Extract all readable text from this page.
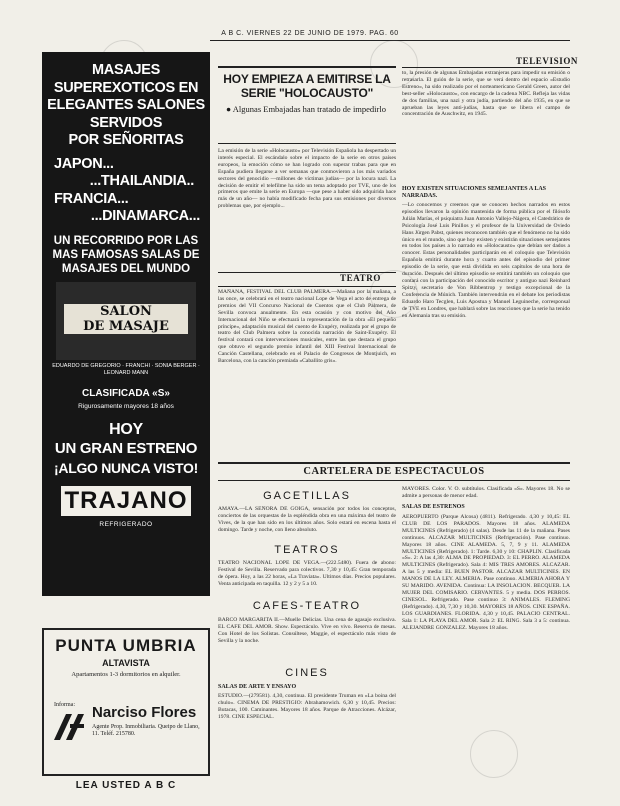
A B C. VIERNES 22 DE JUNIO DE 1979. PAG. 60
MASAJES
SUPEREXOTICOS EN
ELEGANTES SALONES
SERVIDOS
POR SEÑORITAS
JAPON...
...THAILANDIA..
FRANCIA...
...DINAMARCA...
UN RECORRIDO POR LAS
MAS FAMOSAS SALAS DE
MASAJES DEL MUNDO
SALON
DE MASAJE
EDUARDO DE GREGORIO · FRANCHI · SONIA BERGER · LEONARD MANN
CLASIFICADA «S»
Rigurosamente mayores 18 años
HOY
UN GRAN ESTRENO
¡ALGO NUNCA VISTO!
TRAJANO
REFRIGERADO
PUNTA UMBRIA
ALTAVISTA
Apartamentos 1-3 dormitorios en alquiler.
Informa: Narciso Flores
Agente Prop. Inmobiliaria. Queipo de Llano, 11. Teléf. 215780.
LEA USTED A B C
HOY EMPIEZA A EMITIRSE LA SERIE "HOLOCAUSTO"
● Algunas Embajadas han tratado de impedirlo
La emisión de la serie «Holocausto» por Televisión Española ha despertado un interés especial. El escándalo sobre el impacto de la serie en otros países europeos, la emoción cómo se han logrado con superar trabas para que en España pudiera llegarse a ver semanas que conmovieron a los más variados sectores del genocidio —millones de víctimas judías— por la locura nazi. La decisión de emitir el telefilme ha sido un tema adoptado por TVE, uno de los primeros que emite la serie en Europa —que pese a haber sido adquirida hace más de un año— no había modificado fecha para sus emisiones por diversos problemas que, por ejemplo...
TEATRO
MAÑANA, FESTIVAL DEL CLUB PALMERA.—Mañana por la mañana, a las once, se celebrará en el teatro nacional Lope de Vega el acto de entrega de premios del VII Concurso Nacional de Cuentos que el Club Palmera, de Sevilla convoca anualmente. En esta ocasión y con motivo del Año Internacional del Niño se efectuará la representación de la obra «El pequeño príncipe», adaptación musical del cuento de Exupéry, realizada por el grupo de teatro del Club Palmera sobre la conocida narración de Saint-Exupéry. El festival contará con intervenciones musicales, entre las que destaca el grupo que obtuvo el segundo premio infantil del XIII Festival Internacional de Canción Castellana, celebrado en el Palacio de Congresos de Montjuich, en Barcelona, con la canción premiada «Caballito gris».
TELEVISION
to, la presión de algunas Embajadas extranjeras para impedir su emisión o retrasarla. El guión de la serie, que se verá dentro del espacio «Estudio Estreno», ha sido realizado por el norteamericano Gerald Green, autor del best-seller «Holocausto», con encargo de la cadena NBC. Refleja las vidas de dos familias, una nazi y otra judía, partiendo del año 1935, en que se aprueban las leyes anti-judías, hasta que se libera el campo de concentración de Auschwitz, en 1945.
HOY EXISTEN SITUACIONES SEMEJANTES A LAS NARRADAS.
—Lo conocemos y creemos que se conocen hechos narrados en estos episodios llevaron la opinión mantenida de forma pública por el filósofo Julián Marías, el psiquiatra Juan Antonio Vallejo-Nágera, el Catedrático de Psicología José Luis Pinillos y el profesor de la Universidad de Oviedo Hans Jürgen Pabst, quienes reconocen también que el fenómeno no ha sido único en el mundo, sino que hoy existen y existirán situaciones semejantes en todos los países a lo narrado en «Holocausto» que debían ser dados a conocer. Estas personalidades participarán en el coloquio que Televisión Española emitirá durante hora y cuarto antes del episodio del primer episodio de la serie, que está dividida en seis capítulos de una hora de duración. Después del último episodio se emitirá también un coloquio que contará con la participación del conocido escritor y antiguo nazi Reinhard Spitzy, secretario de Von Ribbentrop y testigo excepcional de la Conferencia de Múnich. También intervendrán en el debate los periodistas Eduardo Haro Tecglen, Luis Apostua y Manuel Leguineche, corresponsal de TVE en Londres, que hablará sobre las reacciones que la serie ha tenido en Alemania tras su emisión.
CARTELERA DE ESPECTACULOS
GACETILLAS
AMAYA.—LA SEÑORA DE GOIGA, sensación por todos los conceptos, conciertos de las orquestas de la espléndida obra en una máxima del teatro de Vives, de la que han sido en los últimos años. Solo estará en escena hasta el domingo. Tarde y noche, con lleno absoluto.
TEATROS
TEATRO NACIONAL LOPE DE VEGA.—(222.5480). Fuera de abono: Festival de Sevilla. Reservado para colectivos. 7,30 y 10,45: Gran temporada de ópera. Hoy, a las 22 horas, «La Traviata». Ultimos días. Precios populares. Venta anticipada en taquilla. 12 y 2 y 5 a 10.
CAFES-TEATRO
BARCO MARGARITA II.—Muelle Delicias. Una cena de agasajo exclusiva. EL CAFE DEL AMOR. Show. Espectáculo. Vive en vivo. Reserva de mesas. Con Hotel de los Solistas. Consúltese, Maggie, el espectáculo más visto de Sevilla y la noche.
CINES
SALAS DE ARTE Y ENSAYO
ESTUDIO.—(279581). 4,30, continua. El presidente Truman en «La boina del chulo». CINEMA DE PRESTIGIO: Abrahamowich. 6,30 y 10,45. Precios: Butacas, 100. Caminantes. Mayores 18 años. Parque de Atracciones. Alcázar, 1978. CINE ESPECIAL.
MAYORES. Color. V. O. subtítulos. Clasificada «S». Mayores 18. No se admite a personas de menor edad.
SALAS DE ESTRENOS
AEROPUERTO (Parque Alcosa) (4811). Refrigerado. 4,30 y 10,45: EL CLUB DE LOS PARADOS. Mayores 18 años. ALAMEDA MULTICINES (Refrigerado) (4 salas). Desde las 11 de la mañana. Pases continuos. ALCAZAR MULTICINES (Refrigeración). Pase continuo. Mayores 18 años. CINE ALAMEDA. 5, 7, 9 y 11. ALAMEDA MULTICINES (Refrigerado). 1: Tarde. 6,30 y 10: CHAPLIN. Clasificada «S». 2: A las 4,30: ALMA DE PROPIEDAD. 3: EL PERRO. ALAMEDA MULTICINES (Refrigerado). Sala 4: MIS TRES AMORES. ALCAZAR. A las 5 y media: EL BUEN PASTOR. ALCAZAR MULTICINES. EN MANOS DE LA LEY. ALMERIA. Pase continuo. ALMERIA AHORA Y SU MARIDO. AVENIDA. Continua: LA INSOLACION. BECQUER. LA MUJER DEL COMISARIO. CERVANTES. 5 y media. DOS PERROS. CINESOL. Refrigerado. Pase continuo 3: ANIMALES. FLEMING (Refrigerado). 4,30, 7,30 y 10,30. MAYORES 18 AÑOS. CINE ESPAÑA. LOS GUARDIANES. FLORIDA. 4,30 y 10,45. PALACIO CENTRAL. Sala 1: LA PLAYA DEL AMOR. Sala 2: EL RING. Sala 3 a 5: continua. ALEJANDRE GONZALEZ. Mayores 18 años.
